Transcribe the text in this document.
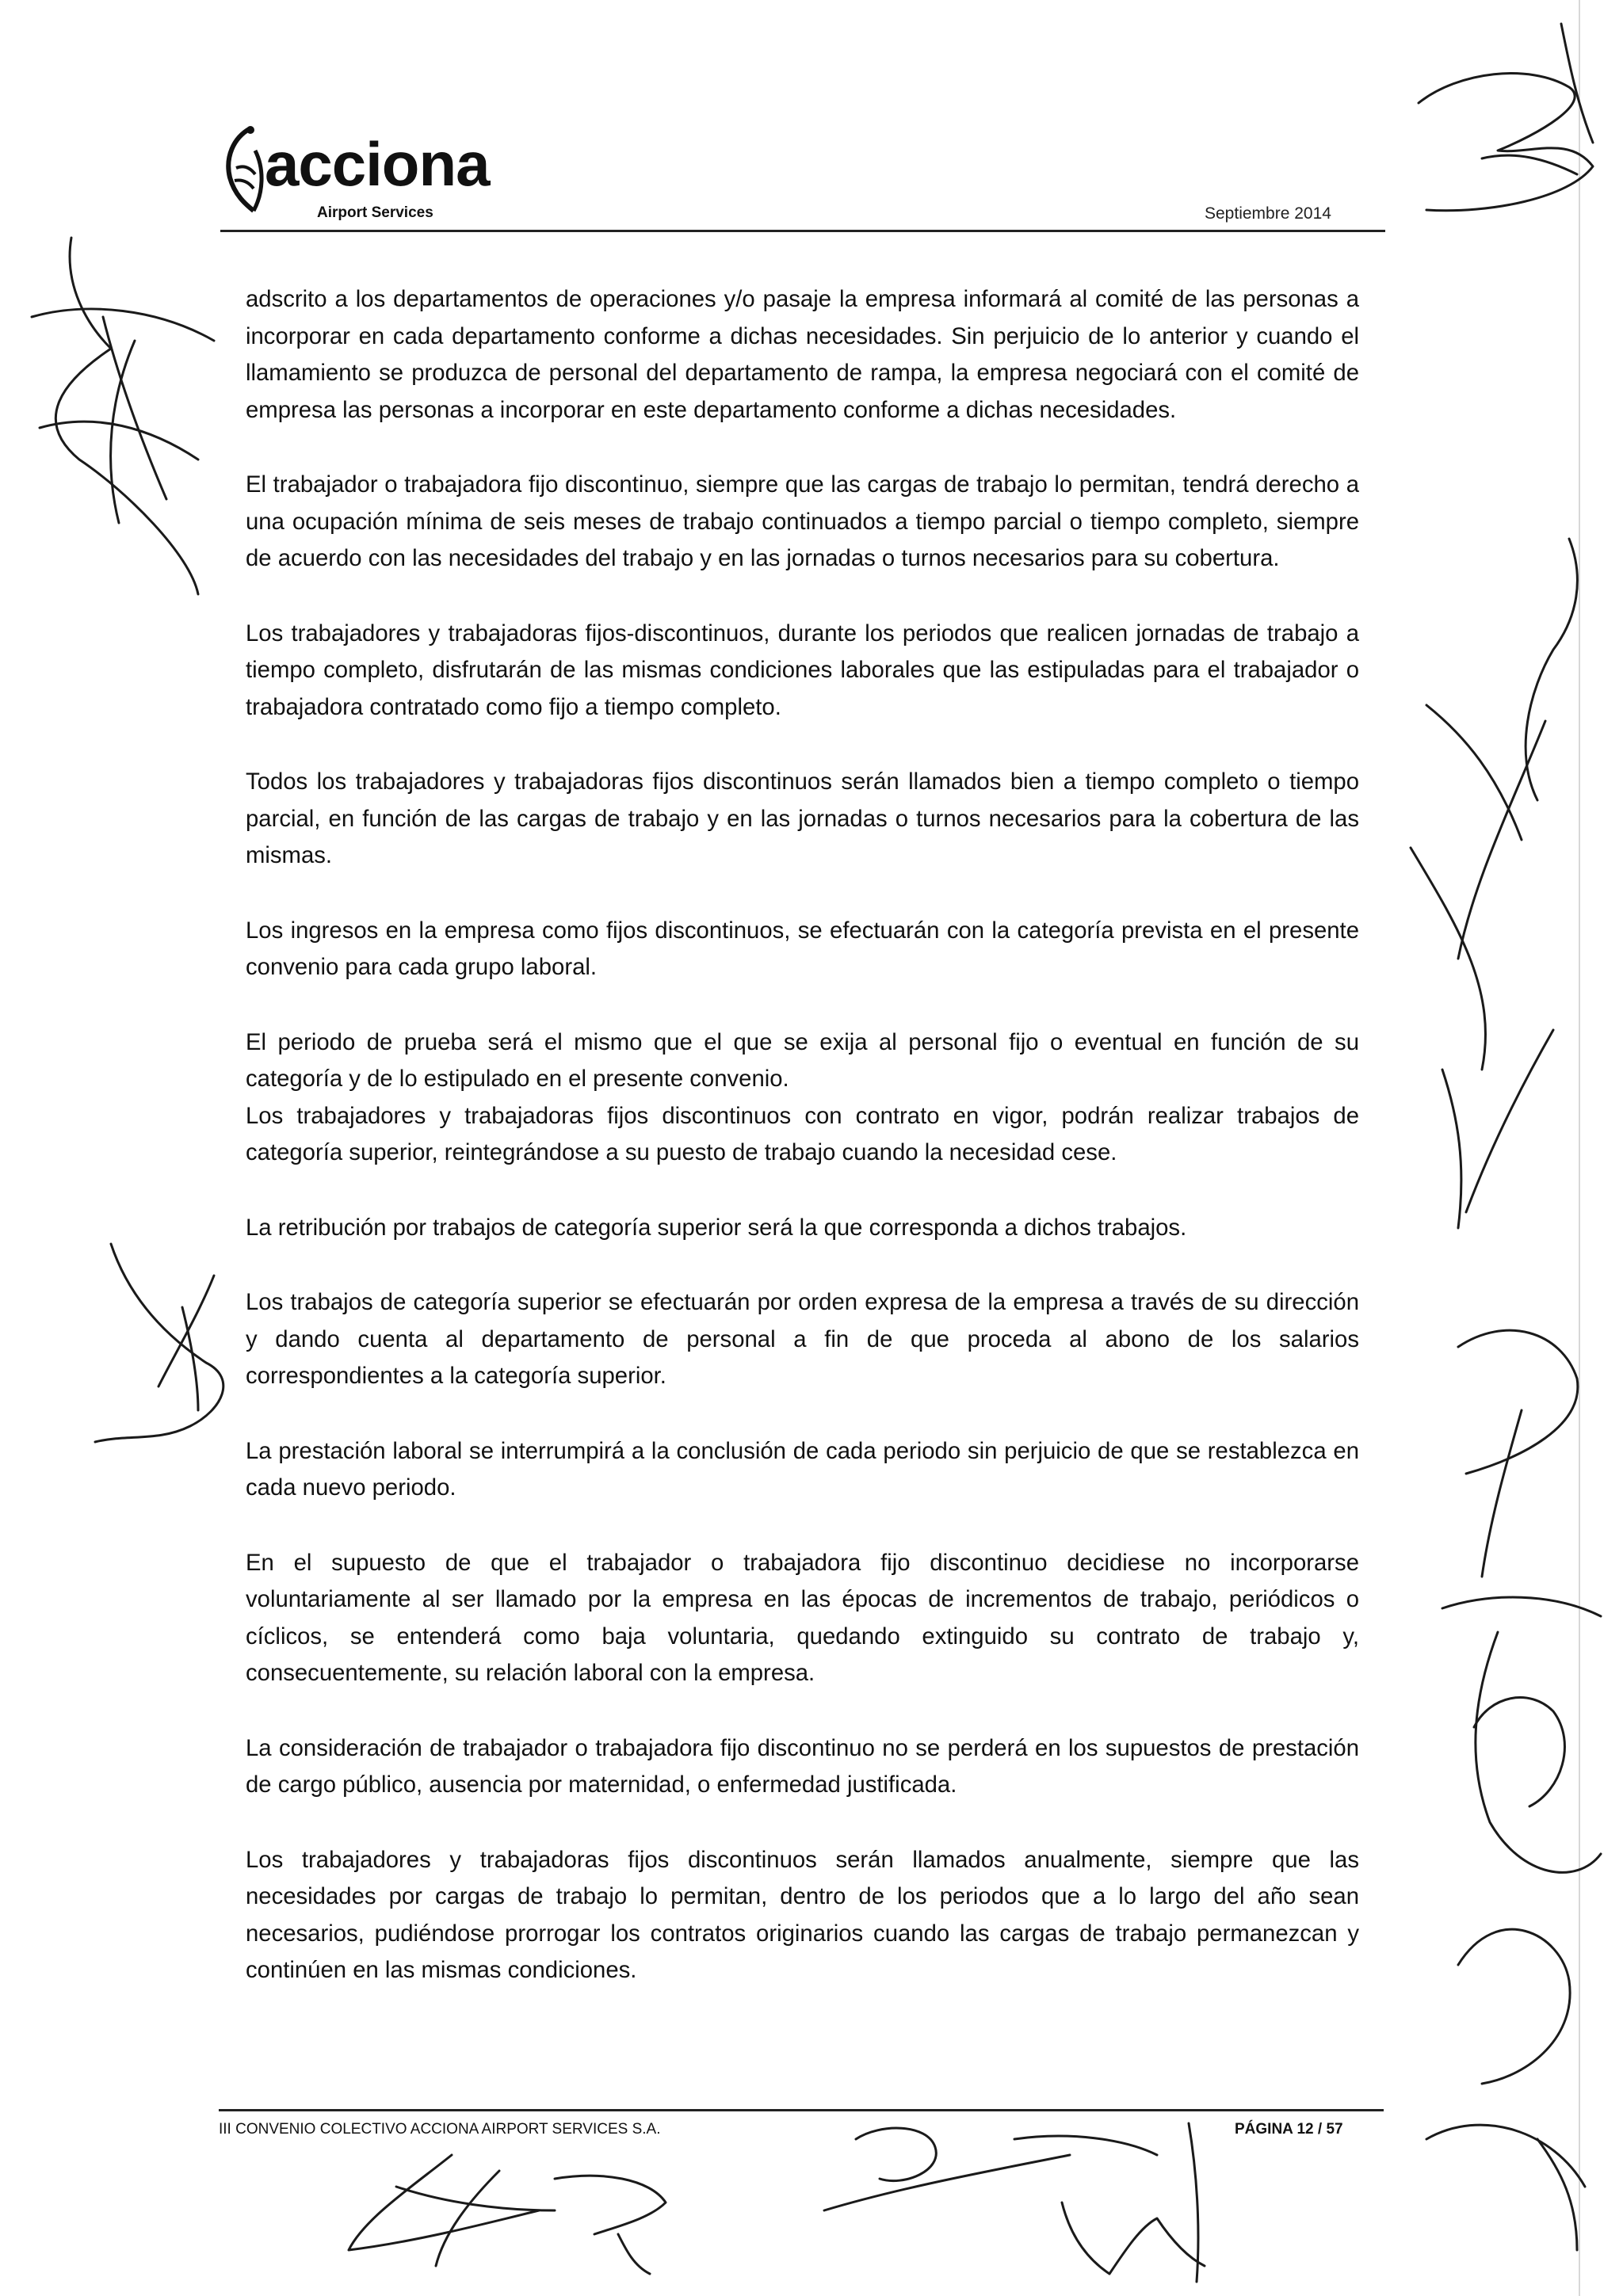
acciona
Airport Services	Septiembre 2014

adscrito a los departamentos de operaciones y/o pasaje la empresa informará al comité de las personas a incorporar en cada departamento conforme a dichas necesidades. Sin perjuicio de lo anterior y cuando el llamamiento se produzca de personal del departamento de rampa, la empresa negociará con el comité de empresa las personas a incorporar en este departamento conforme a dichas necesidades.

El trabajador o trabajadora fijo discontinuo, siempre que las cargas de trabajo lo permitan, tendrá derecho a una ocupación mínima de seis meses de trabajo continuados a tiempo parcial o tiempo completo, siempre de acuerdo con las necesidades del trabajo y en las jornadas o turnos necesarios para su cobertura.

Los trabajadores y trabajadoras fijos-discontinuos, durante los periodos que realicen jornadas de trabajo a tiempo completo, disfrutarán de las mismas condiciones laborales que las estipuladas para el trabajador o trabajadora contratado como fijo a tiempo completo.

Todos los trabajadores y trabajadoras fijos discontinuos serán llamados bien a tiempo completo o tiempo parcial, en función de las cargas de trabajo y en las jornadas o turnos necesarios para la cobertura de las mismas.

Los ingresos en la empresa como fijos discontinuos, se efectuarán con la categoría prevista en el presente convenio para cada grupo laboral.

El periodo de prueba será el mismo que el que se exija al personal fijo o eventual en función de su categoría y de lo estipulado en el presente convenio.

Los trabajadores y trabajadoras fijos discontinuos con contrato en vigor, podrán realizar trabajos de categoría superior, reintegrándose a su puesto de trabajo cuando la necesidad cese.

La retribución por trabajos de categoría superior será la que corresponda a dichos trabajos.

Los trabajos de categoría superior se efectuarán por orden expresa de la empresa a través de su dirección y dando cuenta al departamento de personal a fin de que proceda al abono de los salarios correspondientes a la categoría superior.

La prestación laboral se interrumpirá a la conclusión de cada periodo sin perjuicio de que se restablezca en cada nuevo periodo.

En el supuesto de que el trabajador o trabajadora fijo discontinuo decidiese no incorporarse voluntariamente al ser llamado por la empresa en las épocas de incrementos de trabajo, periódicos o cíclicos, se entenderá como baja voluntaria, quedando extinguido su contrato de trabajo y, consecuentemente, su relación laboral con la empresa.

La consideración de trabajador o trabajadora fijo discontinuo no se perderá en los supuestos de prestación de cargo público, ausencia por maternidad, o enfermedad justificada.

Los trabajadores y trabajadoras fijos discontinuos serán llamados anualmente, siempre que las necesidades por cargas de trabajo lo permitan, dentro de los periodos que a lo largo del año sean necesarios, pudiéndose prorrogar los contratos originarios cuando las cargas de trabajo permanezcan y continúen en las mismas condiciones.

III CONVENIO COLECTIVO ACCIONA AIRPORT SERVICES S.A.	PÁGINA 12 / 57
